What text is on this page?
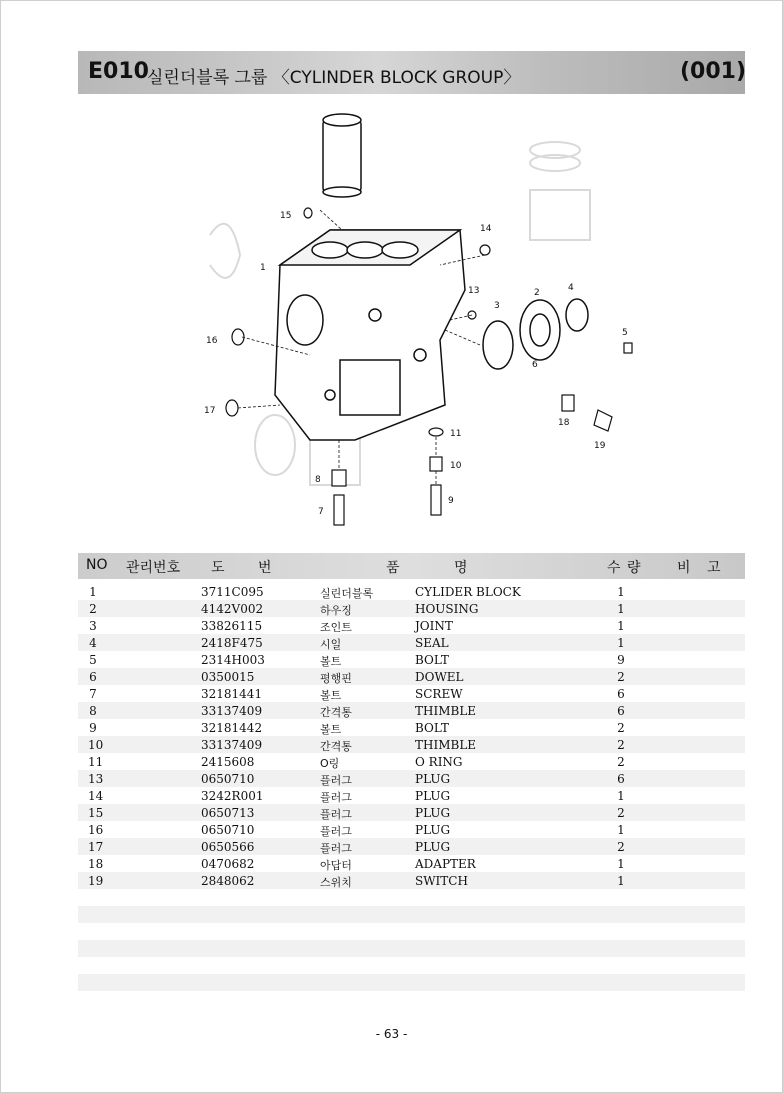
E010
실린더블록 그룹 〈CYLINDER BLOCK GROUP〉	(001)
1
2
3
4
5
6
7
8
9
10
11
13
14
15
16
17
18
19
NO 관리번호 도 번	품	명	수 량	비 고
1	3711C095	실린더블록	CYLIDER BLOCK	1
2	4142V002	하우징	HOUSING	1
3	33826115	조인트	JOINT	1
4	2418F475	시일	SEAL	1
5	2314H003	볼트	BOLT	9
6	0350015	평행핀	DOWEL	2
7	32181441	볼트	SCREW	6
8	33137409	간격통	THIMBLE	6
9	32181442	볼트	BOLT	2
10	33137409	간격통	THIMBLE	2
11	2415608	O링	O RING	2
13	0650710	플러그	PLUG	6
14	3242R001	플러그	PLUG	1
15	0650713	플러그	PLUG	2
16	0650710	플러그	PLUG	1
17	0650566	플러그	PLUG	2
18	0470682	아답터	ADAPTER	1
19	2848062	스위치	SWITCH	1
- 63 -
